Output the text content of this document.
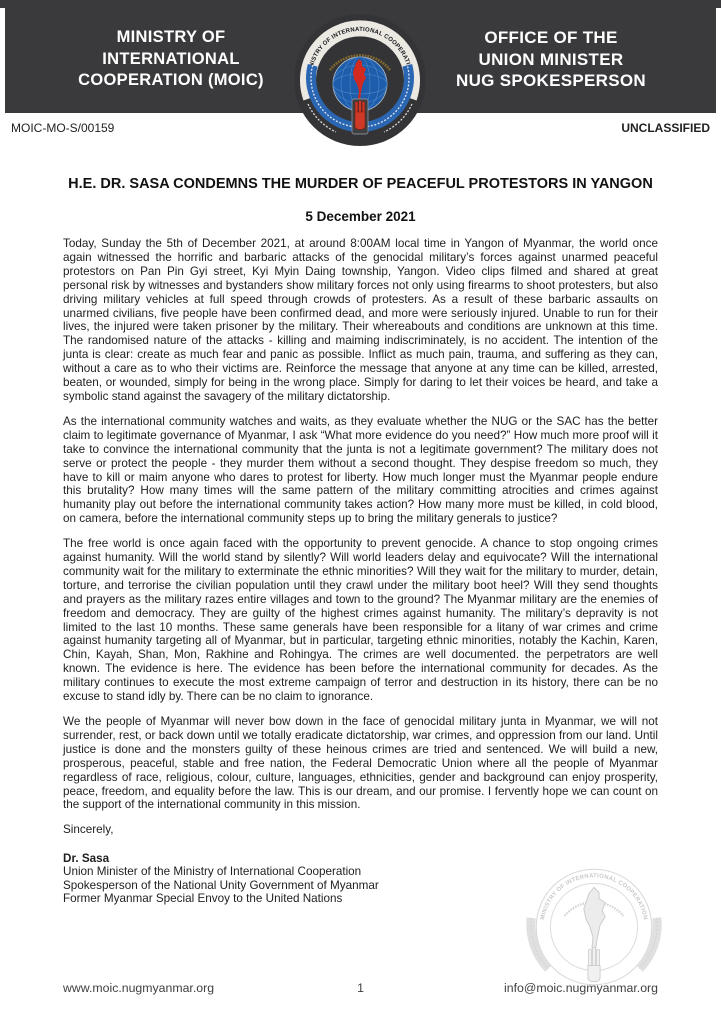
MINISTRY OF
INTERNATIONAL
COOPERATION (MOIC)
OFFICE OF THE
UNION MINISTER
NUG SPOKESPERSON
MINISTRY OF INTERNATIONAL COOPERATION
MOIC-MO-S/00159	UNCLASSIFIED
H.E. DR. SASA CONDEMNS THE MURDER OF PEACEFUL PROTESTORS IN YANGON
5 December 2021

Today, Sunday the 5th of December 2021, at around 8:00AM local time in Yangon of Myanmar, the world once again witnessed the horrific and barbaric attacks of the genocidal military’s forces against unarmed peaceful protestors on Pan Pin Gyi street, Kyi Myin Daing township, Yangon. Video clips filmed and shared at great personal risk by witnesses and bystanders show military forces not only using firearms to shoot protesters, but also driving military vehicles at full speed through crowds of protesters. As a result of these barbaric assaults on unarmed civilians, five people have been confirmed dead, and more were seriously injured. Unable to run for their lives, the injured were taken prisoner by the military. Their whereabouts and conditions are unknown at this time. The randomised nature of the attacks - killing and maiming indiscriminately, is no accident. The intention of the junta is clear: create as much fear and panic as possible. Inflict as much pain, trauma, and suffering as they can, without a care as to who their victims are. Reinforce the message that anyone at any time can be killed, arrested, beaten, or wounded, simply for being in the wrong place. Simply for daring to let their voices be heard, and take a symbolic stand against the savagery of the military dictatorship.

As the international community watches and waits, as they evaluate whether the NUG or the SAC has the better claim to legitimate governance of Myanmar, I ask “What more evidence do you need?” How much more proof will it take to convince the international community that the junta is not a legitimate government? The military does not serve or protect the people - they murder them without a second thought. They despise freedom so much, they have to kill or maim anyone who dares to protest for liberty. How much longer must the Myanmar people endure this brutality? How many times will the same pattern of the military committing atrocities and crimes against humanity play out before the international community takes action? How many more must be killed, in cold blood, on camera, before the international community steps up to bring the military generals to justice?

The free world is once again faced with the opportunity to prevent genocide. A chance to stop ongoing crimes against humanity. Will the world stand by silently? Will world leaders delay and equivocate? Will the international community wait for the military to exterminate the ethnic minorities? Will they wait for the military to murder, detain, torture, and terrorise the civilian population until they crawl under the military boot heel? Will they send thoughts and prayers as the military razes entire villages and town to the ground? The Myanmar military are the enemies of freedom and democracy. They are guilty of the highest crimes against humanity. The military’s depravity is not limited to the last 10 months. These same generals have been responsible for a litany of war crimes and crime against humanity targeting all of Myanmar, but in particular, targeting ethnic minorities, notably the Kachin, Karen, Chin, Kayah, Shan, Mon, Rakhine and Rohingya. The crimes are well documented. the perpetrators are well known. The evidence is here. The evidence has been before the international community for decades. As the military continues to execute the most extreme campaign of terror and destruction in its history, there can be no excuse to stand idly by. There can be no claim to ignorance.

We the people of Myanmar will never bow down in the face of genocidal military junta in Myanmar, we will not surrender, rest, or back down until we totally eradicate dictatorship, war crimes, and oppression from our land. Until justice is done and the monsters guilty of these heinous crimes are tried and sentenced. We will build a new, prosperous, peaceful, stable and free nation, the Federal Democratic Union where all the people of Myanmar regardless of race, religious, colour, culture, languages, ethnicities, gender and background can enjoy prosperity, peace, freedom, and equality before the law. This is our dream, and our promise. I fervently hope we can count on the support of the international community in this mission.

Sincerely,

Dr. Sasa
Union Minister of the Ministry of International Cooperation
Spokesperson of the National Unity Government of Myanmar
Former Myanmar Special Envoy to the United Nations
MINISTRY OF INTERNATIONAL COOPERATION
www.moic.nugmyanmar.org	1	info@moic.nugmyanmar.org
